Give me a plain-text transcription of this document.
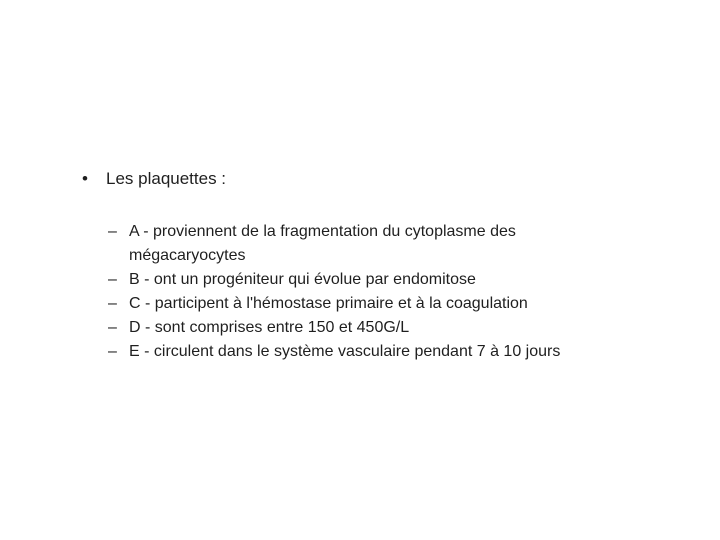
•	Les plaquettes :
– A - proviennent de la fragmentation du cytoplasme des mégacaryocytes
– B - ont un progéniteur qui évolue par endomitose
– C - participent à l'hémostase primaire et à la coagulation
– D - sont comprises entre 150 et 450G/L
– E - circulent dans le système vasculaire pendant 7 à 10 jours
